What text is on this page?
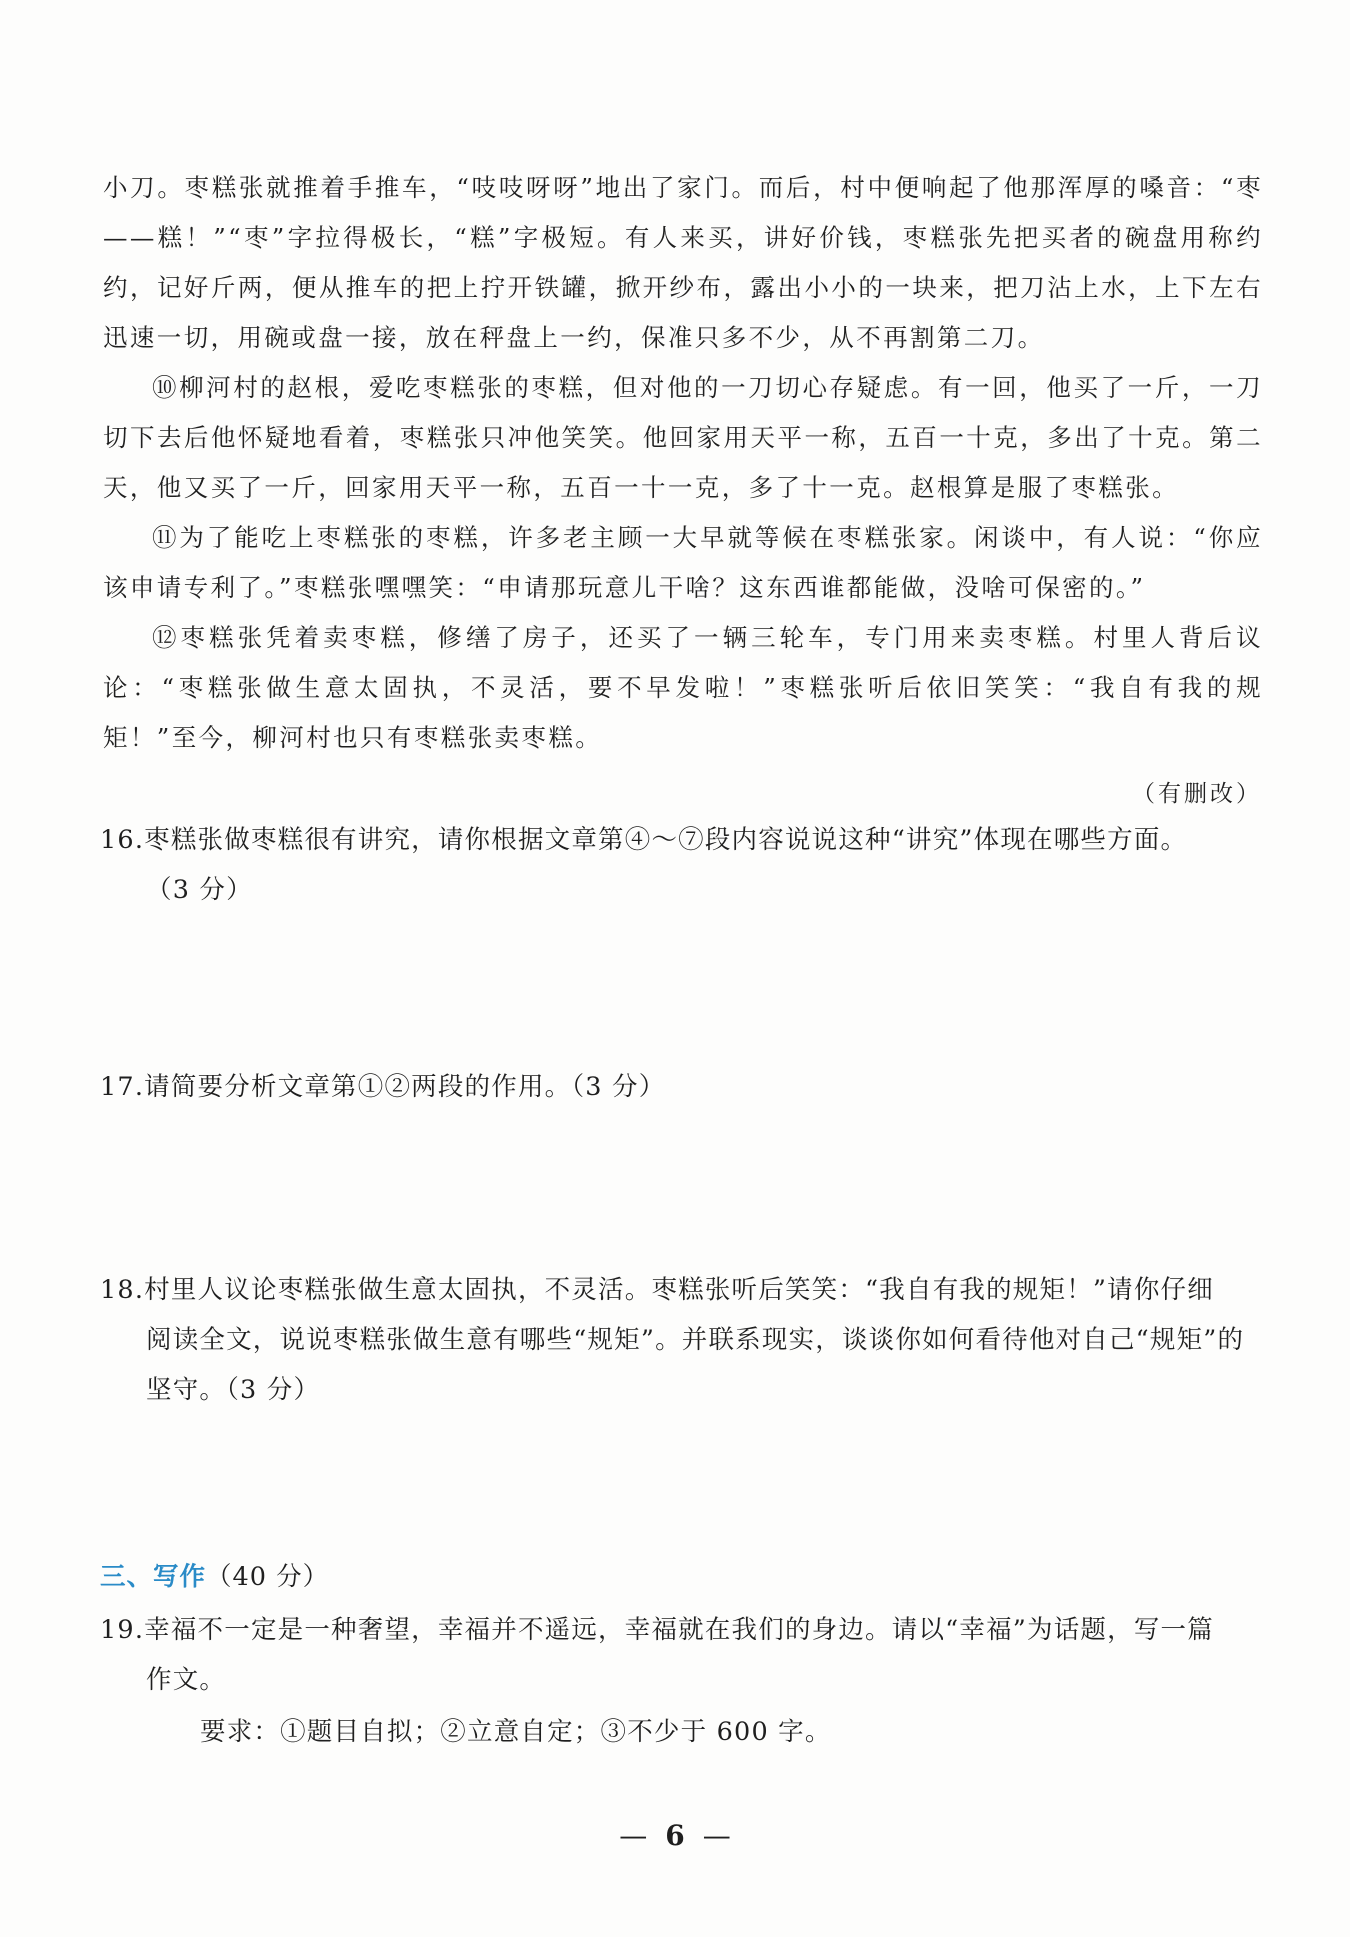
小刀。枣糕张就推着手推车，“吱吱呀呀”地出了家门。而后，村中便响起了他那浑厚的嗓音：“枣——糕！”“枣”字拉得极长，“糕”字极短。有人来买，讲好价钱，枣糕张先把买者的碗盘用称约约，记好斤两，便从推车的把上拧开铁罐，掀开纱布，露出小小的一块来，把刀沾上水，上下左右迅速一切，用碗或盘一接，放在秤盘上一约，保准只多不少，从不再割第二刀。

⑩柳河村的赵根，爱吃枣糕张的枣糕，但对他的一刀切心存疑虑。有一回，他买了一斤，一刀切下去后他怀疑地看着，枣糕张只冲他笑笑。他回家用天平一称，五百一十克，多出了十克。第二天，他又买了一斤，回家用天平一称，五百一十一克，多了十一克。赵根算是服了枣糕张。

⑪为了能吃上枣糕张的枣糕，许多老主顾一大早就等候在枣糕张家。闲谈中，有人说：“你应该申请专利了。”枣糕张嘿嘿笑：“申请那玩意儿干啥？这东西谁都能做，没啥可保密的。”

⑫枣糕张凭着卖枣糕，修缮了房子，还买了一辆三轮车，专门用来卖枣糕。村里人背后议论：“枣糕张做生意太固执，不灵活，要不早发啦！”枣糕张听后依旧笑笑：“我自有我的规矩！”至今，柳河村也只有枣糕张卖枣糕。

（有删改）
16.枣糕张做枣糕很有讲究，请你根据文章第④～⑦段内容说说这种“讲究”体现在哪些方面。
（3 分）
17.请简要分析文章第①②两段的作用。（3 分）
18.村里人议论枣糕张做生意太固执，不灵活。枣糕张听后笑笑：“我自有我的规矩！”请你仔细
阅读全文，说说枣糕张做生意有哪些“规矩”。并联系现实，谈谈你如何看待他对自己“规矩”的坚守。（3 分）
三、写作（40 分）
19.幸福不一定是一种奢望，幸福并不遥远，幸福就在我们的身边。请以“幸福”为话题，写一篇
作文。
要求：①题目自拟；②立意自定；③不少于 600 字。
— 6 —
